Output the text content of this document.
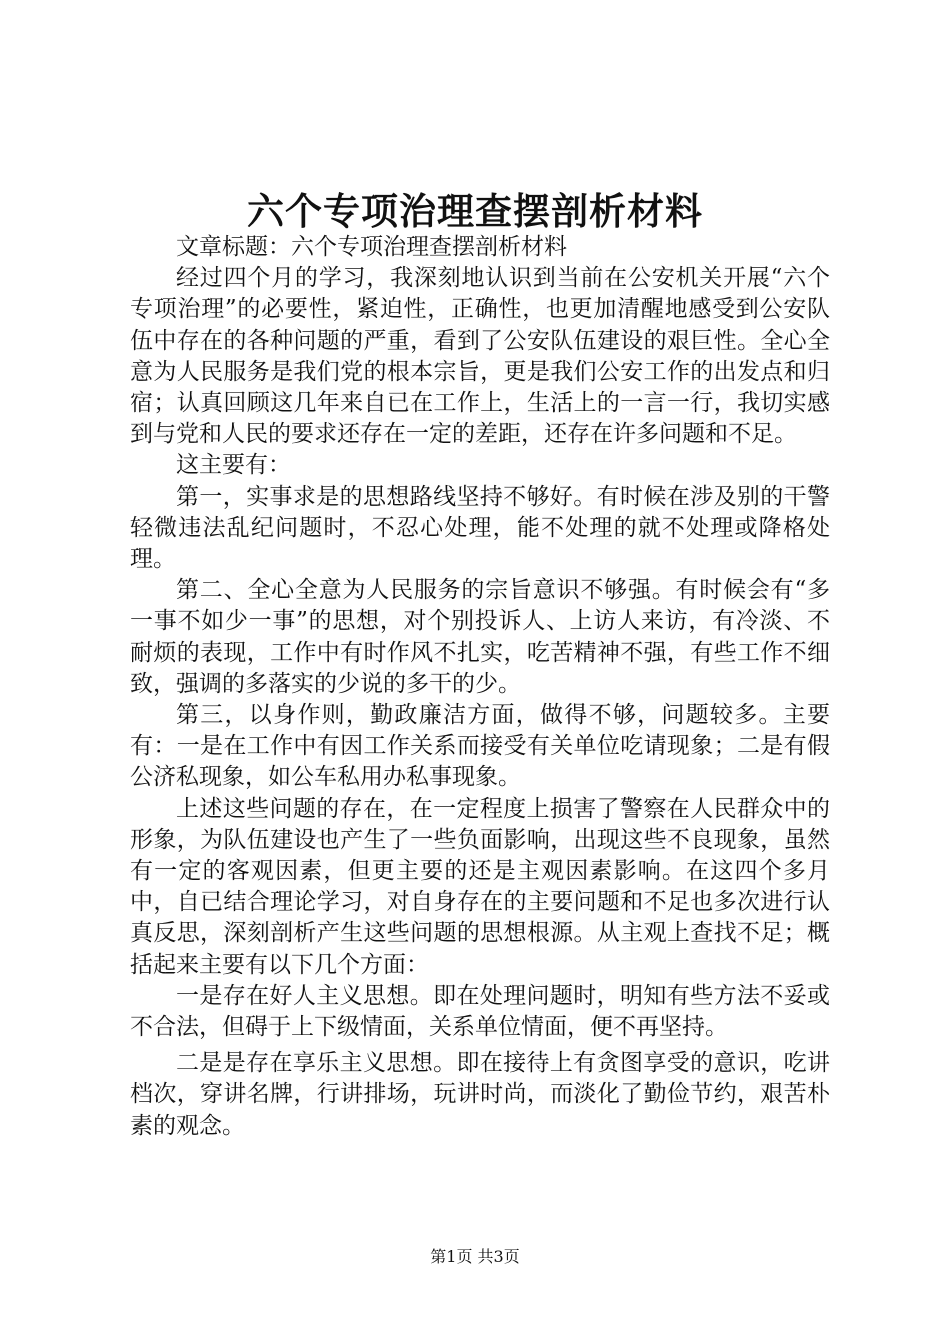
六个专项治理查摆剖析材料

文章标题：六个专项治理查摆剖析材料

经过四个月的学习，我深刻地认识到当前在公安机关开展“六个专项治理”的必要性，紧迫性，正确性，也更加清醒地感受到公安队伍中存在的各种问题的严重，看到了公安队伍建设的艰巨性。全心全意为人民服务是我们党的根本宗旨，更是我们公安工作的出发点和归宿；认真回顾这几年来自已在工作上，生活上的一言一行，我切实感到与党和人民的要求还存在一定的差距，还存在许多问题和不足。

这主要有：

第一，实事求是的思想路线坚持不够好。有时候在涉及别的干警轻微违法乱纪问题时，不忍心处理，能不处理的就不处理或降格处理。

第二、全心全意为人民服务的宗旨意识不够强。有时候会有“多一事不如少一事”的思想，对个别投诉人、上访人来访，有冷淡、不耐烦的表现，工作中有时作风不扎实，吃苦精神不强，有些工作不细致，强调的多落实的少说的多干的少。

第三，以身作则，勤政廉洁方面，做得不够，问题较多。主要有：一是在工作中有因工作关系而接受有关单位吃请现象；二是有假公济私现象，如公车私用办私事现象。

上述这些问题的存在，在一定程度上损害了警察在人民群众中的形象，为队伍建设也产生了一些负面影响，出现这些不良现象，虽然有一定的客观因素，但更主要的还是主观因素影响。在这四个多月中，自已结合理论学习，对自身存在的主要问题和不足也多次进行认真反思，深刻剖析产生这些问题的思想根源。从主观上查找不足；概括起来主要有以下几个方面：

一是存在好人主义思想。即在处理问题时，明知有些方法不妥或不合法，但碍于上下级情面，关系单位情面，便不再坚持。

二是是存在享乐主义思想。即在接待上有贪图享受的意识，吃讲档次，穿讲名牌，行讲排场，玩讲时尚，而淡化了勤俭节约，艰苦朴素的观念。

第1页 共3页
